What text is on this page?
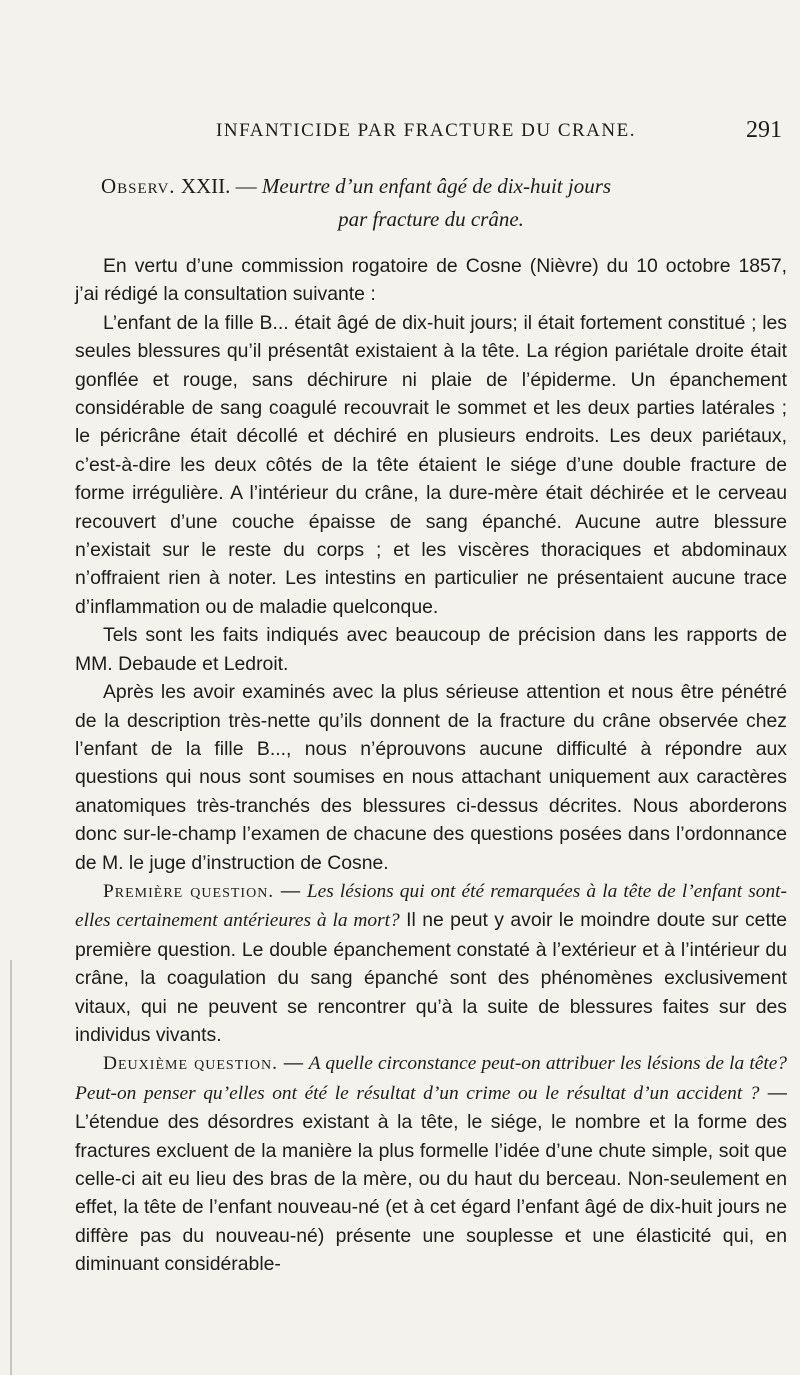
INFANTICIDE PAR FRACTURE DU CRANE.	291
Observ. XXII. — Meurtre d’un enfant âgé de dix-huit jours
par fracture du crâne.

En vertu d’une commission rogatoire de Cosne (Nièvre) du 10 octobre 1857, j’ai rédigé la consultation suivante :

L’enfant de la fille B... était âgé de dix-huit jours; il était fortement constitué ; les seules blessures qu’il présentât existaient à la tête. La région pariétale droite était gonflée et rouge, sans déchirure ni plaie de l’épiderme. Un épanchement considérable de sang coagulé recouvrait le sommet et les deux parties latérales ; le péricrâne était décollé et déchiré en plusieurs endroits. Les deux pariétaux, c’est-à-dire les deux côtés de la tête étaient le siége d’une double fracture de forme irrégulière. A l’intérieur du crâne, la dure-mère était déchirée et le cerveau recouvert d’une couche épaisse de sang épanché. Aucune autre blessure n’existait sur le reste du corps ; et les viscères thoraciques et abdominaux n’offraient rien à noter. Les intestins en particulier ne présentaient aucune trace d’inflammation ou de maladie quelconque.

Tels sont les faits indiqués avec beaucoup de précision dans les rapports de MM. Debaude et Ledroit.

Après les avoir examinés avec la plus sérieuse attention et nous être pénétré de la description très-nette qu’ils donnent de la fracture du crâne observée chez l’enfant de la fille B..., nous n’éprouvons aucune difficulté à répondre aux questions qui nous sont soumises en nous attachant uniquement aux caractères anatomiques très-tranchés des blessures ci-dessus décrites. Nous aborderons donc sur-le-champ l’examen de chacune des questions posées dans l’ordonnance de M. le juge d’instruction de Cosne.

Première question. — Les lésions qui ont été remarquées à la tête de l’enfant sont-elles certainement antérieures à la mort? Il ne peut y avoir le moindre doute sur cette première question. Le double épanchement constaté à l’extérieur et à l’intérieur du crâne, la coagulation du sang épanché sont des phénomènes exclusivement vitaux, qui ne peuvent se rencontrer qu’à la suite de blessures faites sur des individus vivants.

Deuxième question. — A quelle circonstance peut-on attribuer les lésions de la tête? Peut-on penser qu’elles ont été le résultat d’un crime ou le résultat d’un accident ? — L’étendue des désordres existant à la tête, le siége, le nombre et la forme des fractures excluent de la manière la plus formelle l’idée d’une chute simple, soit que celle-ci ait eu lieu des bras de la mère, ou du haut du berceau. Non-seulement en effet, la tête de l’enfant nouveau-né (et à cet égard l’enfant âgé de dix-huit jours ne diffère pas du nouveau-né) présente une souplesse et une élasticité qui, en diminuant considérable-
